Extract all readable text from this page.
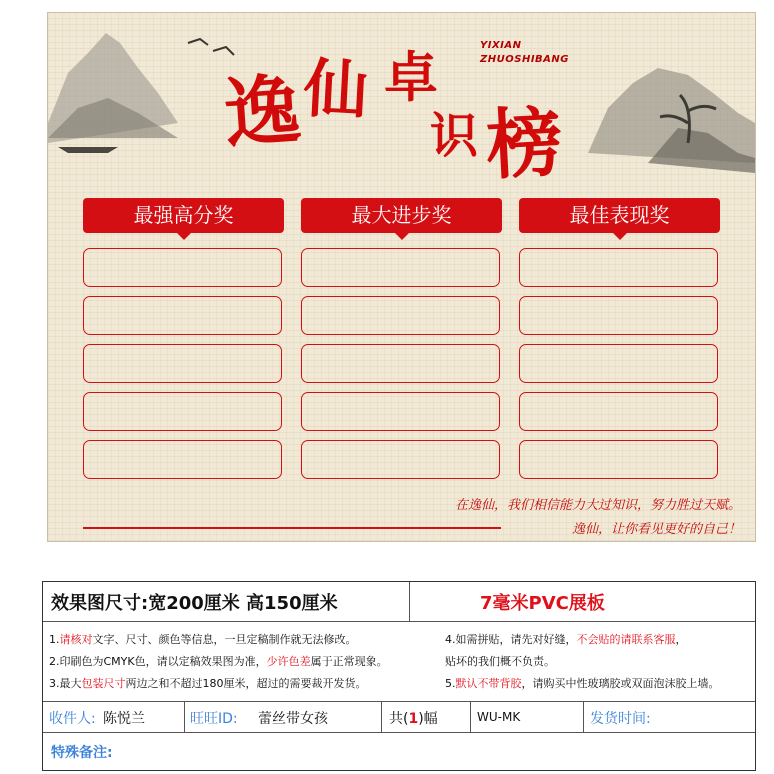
YIXIAN
ZHUOSHIBANG
逸
仙 卓
识 榜
最强高分奖	最大进步奖	最佳表现奖
在逸仙，我们相信能力大过知识，努力胜过天赋。
逸仙，让你看见更好的自己！
效果图尺寸:宽200厘米 高150厘米	7毫米PVC展板
1.请核对文字、尺寸、颜色等信息，一旦定稿制作就无法修改。
2.印刷色为CMYK色，请以定稿效果图为准，少许色差属于正常现象。
3.最大包装尺寸两边之和不超过180厘米，超过的需要裁开发货。
4.如需拼贴，请先对好缝，不会贴的请联系客服，
贴坏的我们概不负责。
5.默认不带背胶，请购买中性玻璃胶或双面泡沫胶上墙。
收件人: 陈悦兰	旺旺ID: 蕾丝带女孩	共(1)幅	WU-MK	发货时间:
特殊备注:
